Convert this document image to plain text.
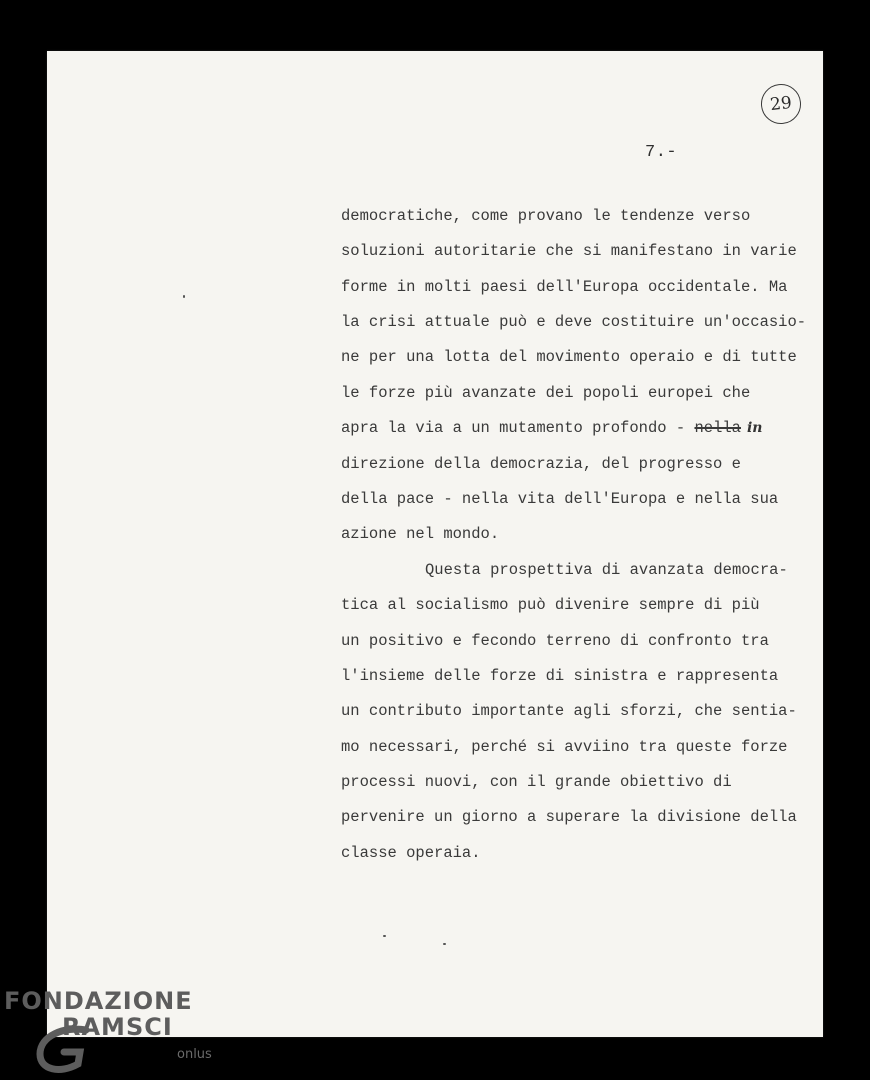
29
7.-
democratiche, come provano le tendenze verso
soluzioni autoritarie che si manifestano in varie
forme in molti paesi dell'Europa occidentale. Ma
la crisi attuale può e deve costituire un'occasio-
ne per una lotta del movimento operaio e di tutte
le forze più avanzate dei popoli europei che
apra la via a un mutamento profondo - nella in
direzione della democrazia, del progresso e
della pace - nella vita dell'Europa e nella sua
azione nel mondo.
Questa prospettiva di avanzata democra-
tica al socialismo può divenire sempre di più
un positivo e fecondo terreno di confronto tra
l'insieme delle forze di sinistra e rappresenta
un contributo importante agli sforzi, che sentia-
mo necessari, perché si avviino tra queste forze
processi nuovi, con il grande obiettivo di
pervenire un giorno a superare la divisione della
classe operaia.
FONDAZIONE
RAMSCI
onlus
